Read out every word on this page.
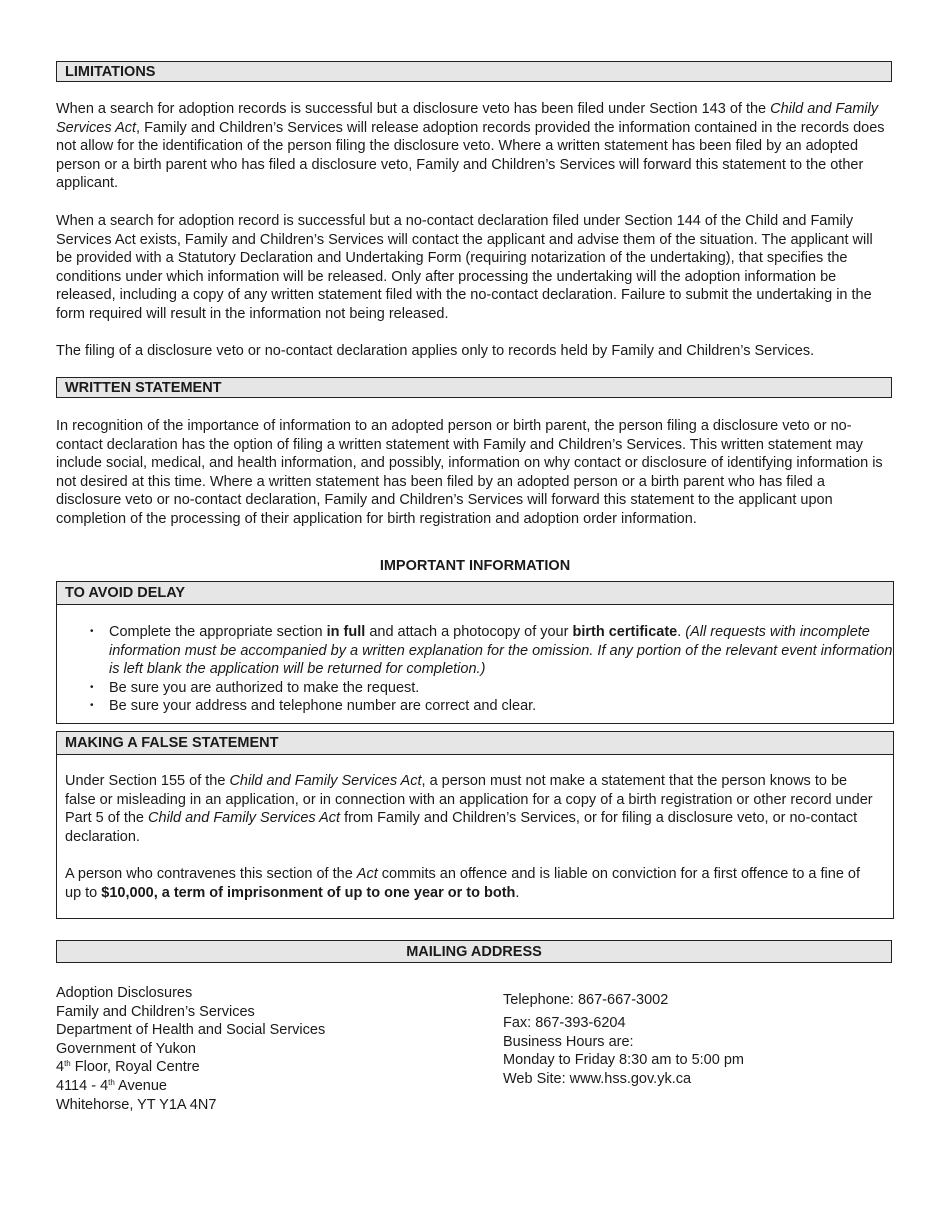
LIMITATIONS

When a search for adoption records is successful but a disclosure veto has been filed under Section 143 of the Child and Family Services Act, Family and Children’s Services will release adoption records provided the information contained in the records does not allow for the identification of the person filing the disclosure veto. Where a written statement has been filed by an adopted person or a birth parent who has filed a disclosure veto, Family and Children’s Services will forward this statement to the other applicant.

When a search for adoption record is successful but a no-contact declaration filed under Section 144 of the Child and Family Services Act exists, Family and Children’s Services will contact the applicant and advise them of the situation. The applicant will be provided with a Statutory Declaration and Undertaking Form (requiring notarization of the undertaking), that specifies the conditions under which information will be released. Only after processing the undertaking will the adoption information be released, including a copy of any written statement filed with the no-contact declaration. Failure to submit the undertaking in the form required will result in the information not being released.

The filing of a disclosure veto or no-contact declaration applies only to records held by Family and Children’s Services.

WRITTEN STATEMENT

In recognition of the importance of information to an adopted person or birth parent, the person filing a disclosure veto or no-contact declaration has the option of filing a written statement with Family and Children’s Services. This written statement may include social, medical, and health information, and possibly, information on why contact or disclosure of identifying information is not desired at this time. Where a written statement has been filed by an adopted person or a birth parent who has filed a disclosure veto or no-contact declaration, Family and Children’s Services will forward this statement to the applicant upon completion of the processing of their application for birth registration and adoption order information.

IMPORTANT INFORMATION
TO AVOID DELAY
• Complete the appropriate section in full and attach a photocopy of your birth certificate. (All requests with incomplete information must be accompanied by a written explanation for the omission. If any portion of the relevant event information is left blank the application will be returned for completion.)
• Be sure you are authorized to make the request.
• Be sure your address and telephone number are correct and clear.
MAKING A FALSE STATEMENT
Under Section 155 of the Child and Family Services Act, a person must not make a statement that the person knows to be false or misleading in an application, or in connection with an application for a copy of a birth registration or other record under Part 5 of the Child and Family Services Act from Family and Children’s Services, or for filing a disclosure veto, or no-contact declaration.
A person who contravenes this section of the Act commits an offence and is liable on conviction for a first offence to a fine of up to $10,000, a term of imprisonment of up to one year or to both.
MAILING ADDRESS
Adoption Disclosures
Family and Children’s Services
Department of Health and Social Services
Government of Yukon
4th Floor, Royal Centre
4114 - 4th Avenue
Whitehorse, YT Y1A 4N7
Telephone: 867-667-3002
Fax: 867-393-6204
Business Hours are:
Monday to Friday 8:30 am to 5:00 pm
Web Site: www.hss.gov.yk.ca
